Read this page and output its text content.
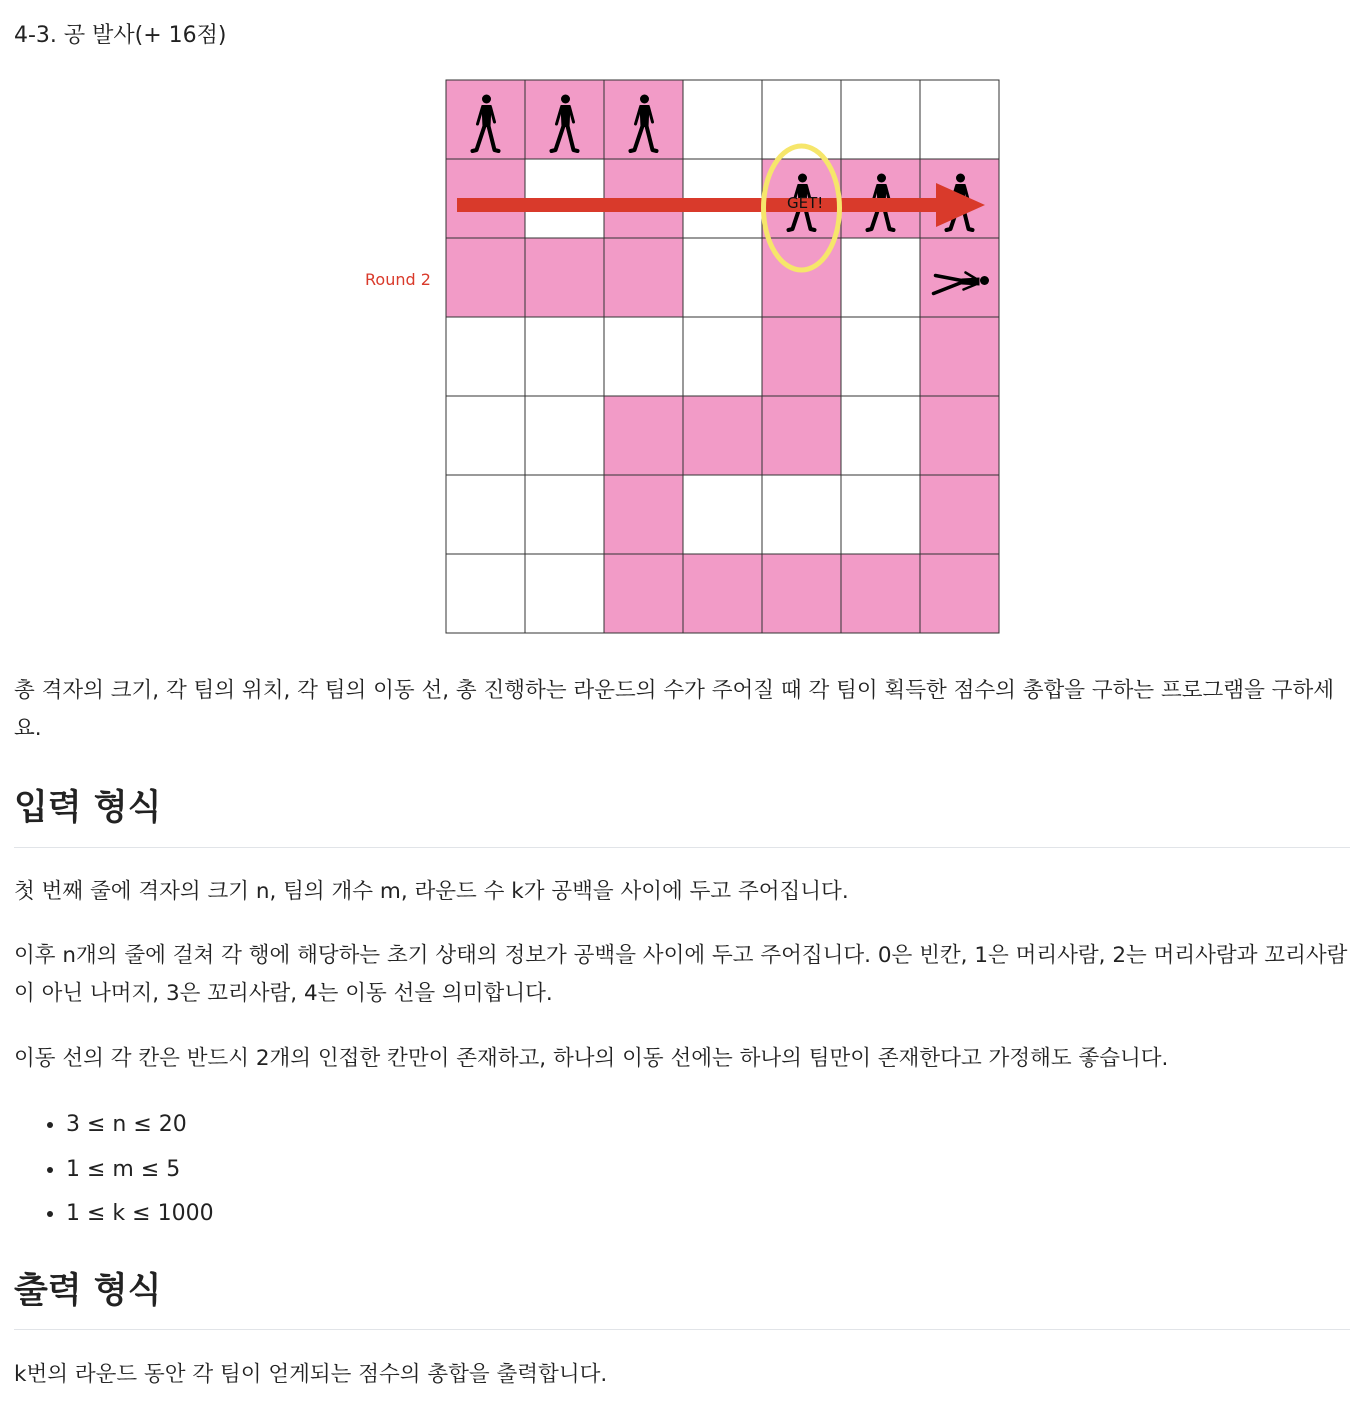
4-3. 공 발사(+ 16점)
Round 2
GET!
총 격자의 크기, 각 팀의 위치, 각 팀의 이동 선, 총 진행하는 라운드의 수가 주어질 때 각 팀이 획득한 점수의 총합을 구하는 프로그램을 구하세요.
입력 형식
첫 번째 줄에 격자의 크기 n, 팀의 개수 m, 라운드 수 k가 공백을 사이에 두고 주어집니다.
이후 n개의 줄에 걸쳐 각 행에 해당하는 초기 상태의 정보가 공백을 사이에 두고 주어집니다. 0은 빈칸, 1은 머리사람, 2는 머리사람과 꼬리사람이 아닌 나머지, 3은 꼬리사람, 4는 이동 선을 의미합니다.
이동 선의 각 칸은 반드시 2개의 인접한 칸만이 존재하고, 하나의 이동 선에는 하나의 팀만이 존재한다고 가정해도 좋습니다.
• 3 ≤ n ≤ 20
• 1 ≤ m ≤ 5
• 1 ≤ k ≤ 1000
출력 형식
k번의 라운드 동안 각 팀이 얻게되는 점수의 총합을 출력합니다.
